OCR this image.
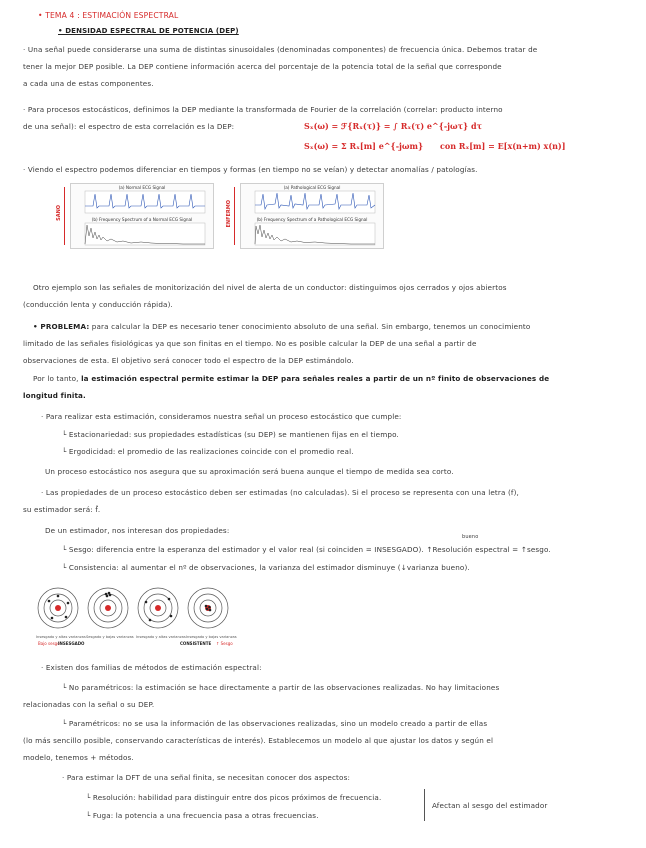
• TEMA 4 : ESTIMACIÓN ESPECTRAL
• DENSIDAD ESPECTRAL DE POTENCIA (DEP)
· Una señal puede considerarse una suma de distintas sinusoidales (denominadas componentes) de frecuencia única. Debemos tratar de
tener la mejor DEP posible. La DEP contiene información acerca del porcentaje de la potencia total de la señal que corresponde
a cada una de estas componentes.
· Para procesos estocásticos, definimos la DEP mediante la transformada de Fourier de la correlación (correlar: producto interno
de una señal): el espectro de esta correlación es la DEP:	Sₓ(ω) = ℱ{Rₓ(τ)} = ∫ Rₓ(τ) e^{-jωτ} dτ
Sₓ(ω) = Σ Rₓ[m] e^{-jωm} con Rₓ[m] = E[x(n+m) x(n)]
· Viendo el espectro podemos diferenciar en tiempos y formas (en tiempo no se veían) y detectar anomalías / patologías.
SANO
(a) Normal ECG Signal
(b) Frequency Spectrum of a Normal ECG Signal	ENFERMO
(a) Pathological ECG Signal
(b) Frequency Spectrum of a Pathological ECG Signal
Otro ejemplo son las señales de monitorización del nivel de alerta de un conductor: distinguimos ojos cerrados y ojos abiertos
(conducción lenta y conducción rápida).
• PROBLEMA: para calcular la DEP es necesario tener conocimiento absoluto de una señal. Sin embargo, tenemos un conocimiento
limitado de las señales fisiológicas ya que son finitas en el tiempo. No es posible calcular la DEP de una señal a partir de
observaciones de esta. El objetivo será conocer todo el espectro de la DEP estimándolo.
Por lo tanto, la estimación espectral permite estimar la DEP para señales reales a partir de un nº finito de observaciones de
longitud finita.
· Para realizar esta estimación, consideramos nuestra señal un proceso estocástico que cumple:
└ Estacionariedad: sus propiedades estadísticas (su DEP) se mantienen fijas en el tiempo.
└ Ergodicidad: el promedio de las realizaciones coincide con el promedio real.
Un proceso estocástico nos asegura que su aproximación será buena aunque el tiempo de medida sea corto.
· Las propiedades de un proceso estocástico deben ser estimadas (no calculadas). Si el proceso se representa con una letra (f),
su estimador será: f̂.
De un estimador, nos interesan dos propiedades:
bueno
└ Sesgo: diferencia entre la esperanza del estimador y el valor real (si coinciden = INSESGADO). ↑Resolución espectral = ↑sesgo.
└ Consistencia: al aumentar el nº de observaciones, la varianza del estimador disminuye (↓varianza bueno).
Insesgado y altas varianzas Sesgado y bajas varianzas Insesgado y altas varianzas Insesgado y bajas varianzas
Bajo sesgo
INSESGADO	CONSISTENTE ↑ Sesgo
· Existen dos familias de métodos de estimación espectral:
└ No paramétricos: la estimación se hace directamente a partir de las observaciones realizadas. No hay limitaciones
relacionadas con la señal o su DEP.
└ Paramétricos: no se usa la información de las observaciones realizadas, sino un modelo creado a partir de ellas
(lo más sencillo posible, conservando características de interés). Establecemos un modelo al que ajustar los datos y según el
modelo, tenemos + métodos.
· Para estimar la DFT de una señal finita, se necesitan conocer dos aspectos:
└ Resolución: habilidad para distinguir entre dos picos próximos de frecuencia.
└ Fuga: la potencia a una frecuencia pasa a otras frecuencias.
Afectan al sesgo del estimador
